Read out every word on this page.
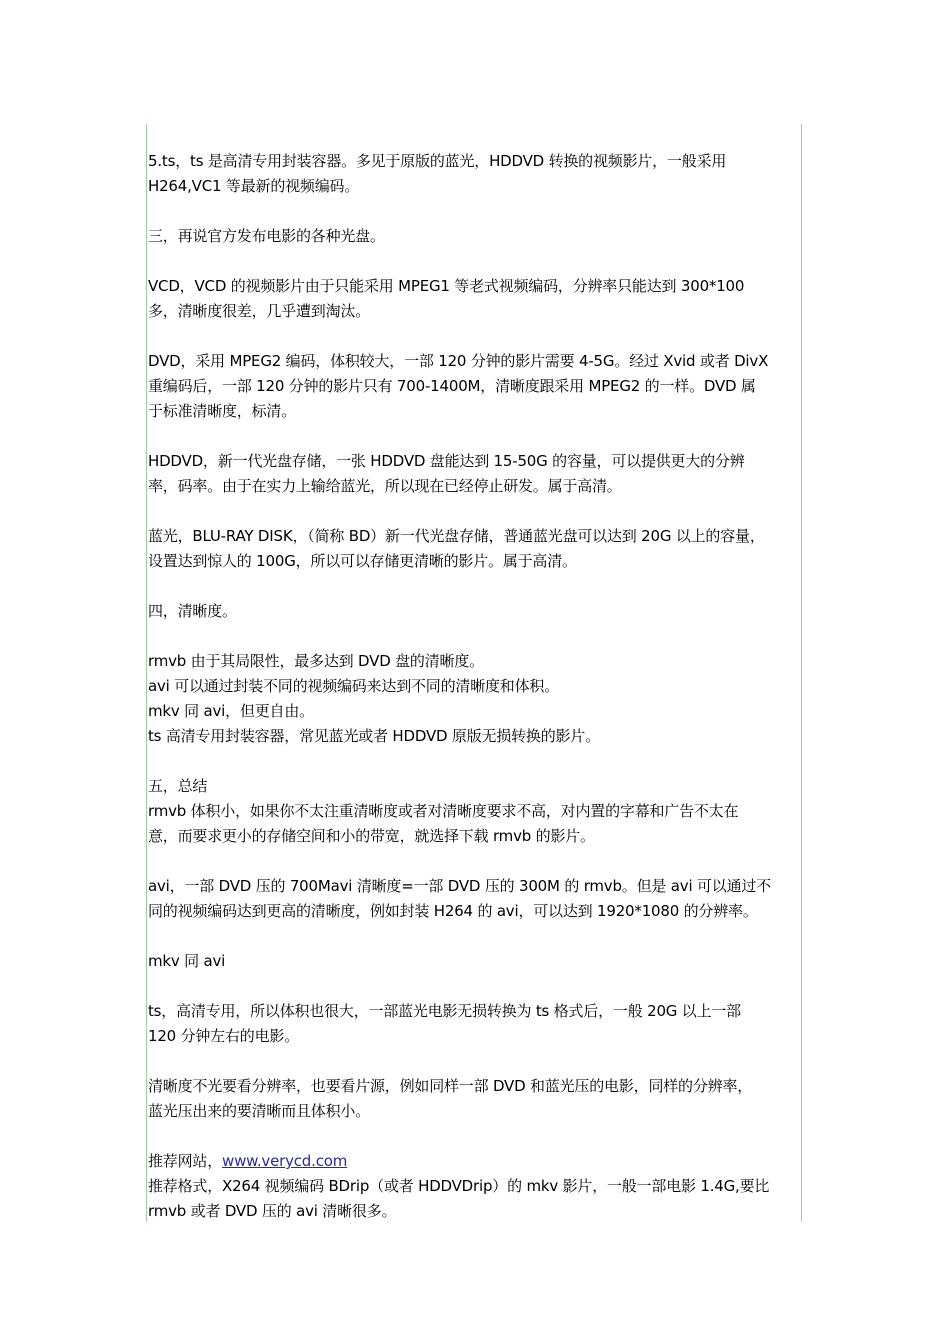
5.ts，ts 是高清专用封装容器。多见于原版的蓝光，HDDVD 转换的视频影片，一般采用
H264,VC1 等最新的视频编码。
三，再说官方发布电影的各种光盘。
VCD，VCD 的视频影片由于只能采用 MPEG1 等老式视频编码，分辨率只能达到 300*100
多，清晰度很差，几乎遭到淘汰。
DVD，采用 MPEG2 编码，体积较大，一部 120 分钟的影片需要 4-5G。经过 Xvid 或者 DivX
重编码后，一部 120 分钟的影片只有 700-1400M，清晰度跟采用 MPEG2 的一样。DVD 属
于标准清晰度，标清。
HDDVD，新一代光盘存储，一张 HDDVD 盘能达到 15-50G 的容量，可以提供更大的分辨
率，码率。由于在实力上输给蓝光，所以现在已经停止研发。属于高清。
蓝光，BLU-RAY DISK，（简称 BD）新一代光盘存储，普通蓝光盘可以达到 20G 以上的容量，
设置达到惊人的 100G，所以可以存储更清晰的影片。属于高清。
四，清晰度。
rmvb 由于其局限性，最多达到 DVD 盘的清晰度。
avi 可以通过封装不同的视频编码来达到不同的清晰度和体积。
mkv 同 avi，但更自由。
ts 高清专用封装容器，常见蓝光或者 HDDVD 原版无损转换的影片。
五，总结
rmvb 体积小，如果你不太注重清晰度或者对清晰度要求不高，对内置的字幕和广告不太在
意，而要求更小的存储空间和小的带宽，就选择下载 rmvb 的影片。
avi，一部 DVD 压的 700Mavi 清晰度=一部 DVD 压的 300M 的 rmvb。但是 avi 可以通过不
同的视频编码达到更高的清晰度，例如封装 H264 的 avi，可以达到 1920*1080 的分辨率。
mkv 同 avi
ts，高清专用，所以体积也很大，一部蓝光电影无损转换为 ts 格式后，一般 20G 以上一部
120 分钟左右的电影。
清晰度不光要看分辨率，也要看片源，例如同样一部 DVD 和蓝光压的电影，同样的分辨率，
蓝光压出来的要清晰而且体积小。
推荐网站，www.verycd.com
推荐格式，X264 视频编码 BDrip（或者 HDDVDrip）的 mkv 影片，一般一部电影 1.4G,要比
rmvb 或者 DVD 压的 avi 清晰很多。
